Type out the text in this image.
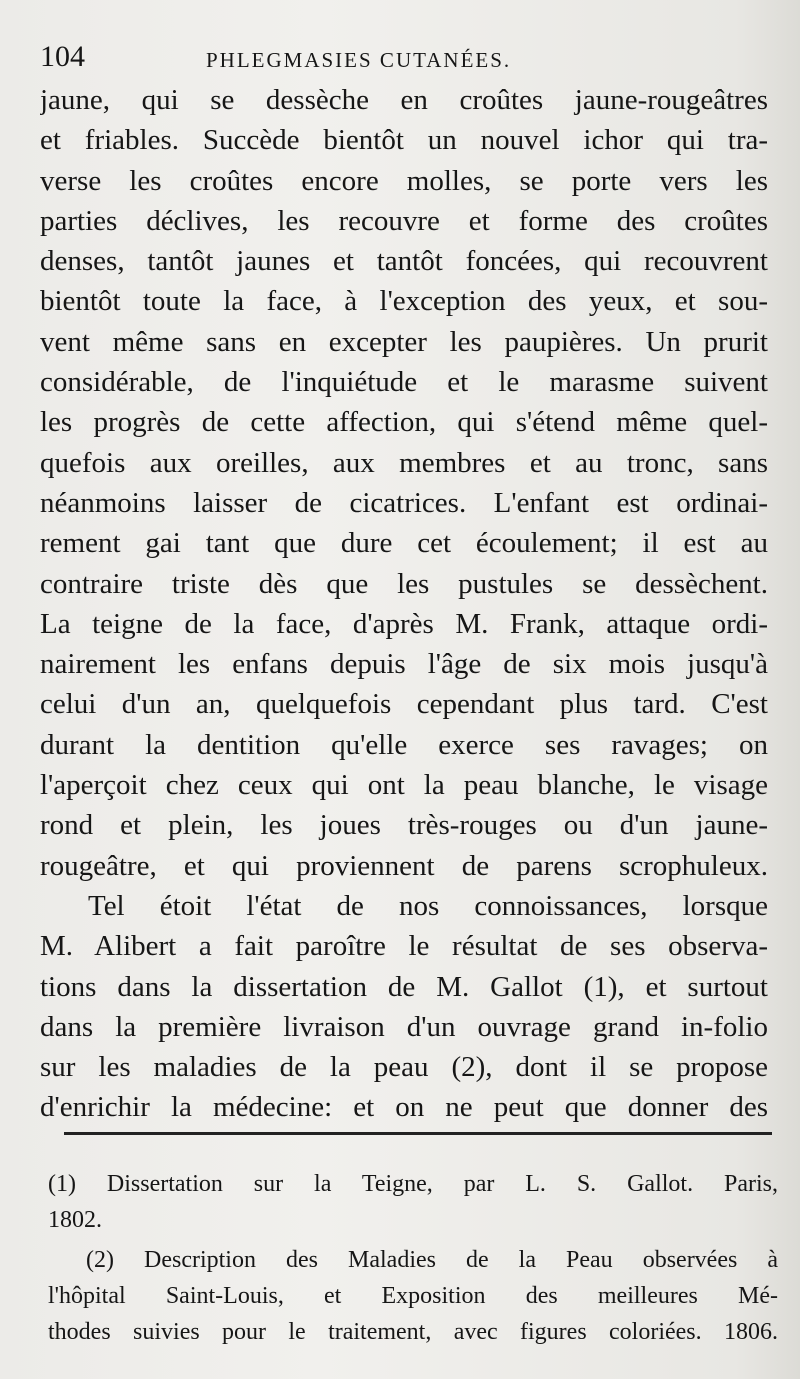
104	PHLEGMASIES CUTANÉES.
jaune, qui se dessèche en croûtes jaune-rougeâtres
et friables. Succède bientôt un nouvel ichor qui tra-
verse les croûtes encore molles, se porte vers les
parties déclives, les recouvre et forme des croûtes
denses, tantôt jaunes et tantôt foncées, qui recouvrent
bientôt toute la face, à l'exception des yeux, et sou-
vent même sans en excepter les paupières. Un prurit
considérable, de l'inquiétude et le marasme suivent
les progrès de cette affection, qui s'étend même quel-
quefois aux oreilles, aux membres et au tronc, sans
néanmoins laisser de cicatrices. L'enfant est ordinai-
rement gai tant que dure cet écoulement; il est au
contraire triste dès que les pustules se dessèchent.
La teigne de la face, d'après M. Frank, attaque ordi-
nairement les enfans depuis l'âge de six mois jusqu'à
celui d'un an, quelquefois cependant plus tard. C'est
durant la dentition qu'elle exerce ses ravages; on
l'aperçoit chez ceux qui ont la peau blanche, le visage
rond et plein, les joues très-rouges ou d'un jaune-
rougeâtre, et qui proviennent de parens scrophuleux.
Tel étoit l'état de nos connoissances, lorsque
M. Alibert a fait paroître le résultat de ses observa-
tions dans la dissertation de M. Gallot (1), et surtout
dans la première livraison d'un ouvrage grand in-folio
sur les maladies de la peau (2), dont il se propose
d'enrichir la médecine: et on ne peut que donner des
(1) Dissertation sur la Teigne, par L. S. Gallot. Paris,
1802.
(2) Description des Maladies de la Peau observées à
l'hôpital Saint-Louis, et Exposition des meilleures Mé-
thodes suivies pour le traitement, avec figures coloriées. 1806.
